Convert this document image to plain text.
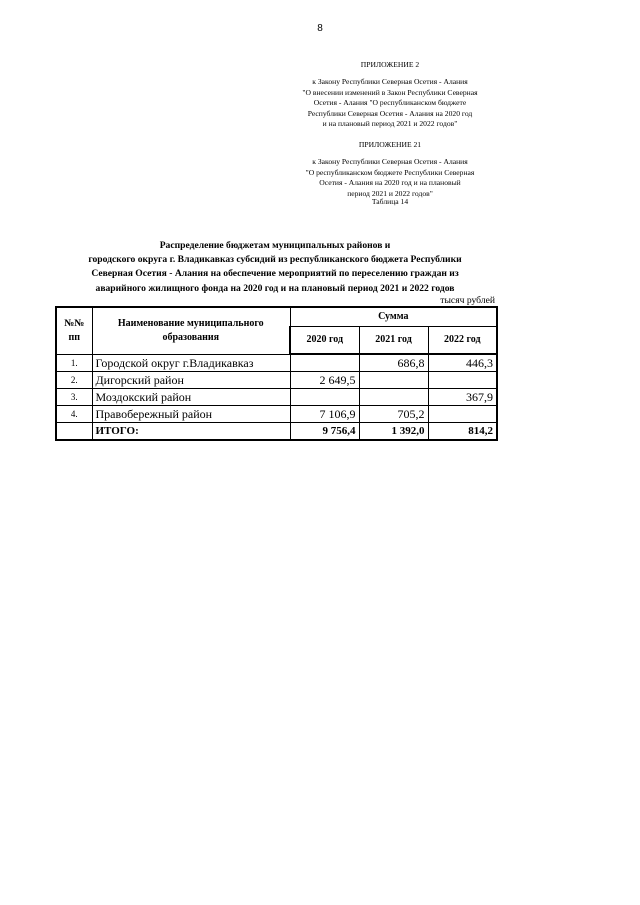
8
ПРИЛОЖЕНИЕ 2
к Закону Республики Северная Осетия - Алания
"О внесении изменений в Закон Республики Северная
Осетия - Алания "О республиканском бюджете
Республики Северная Осетия - Алания на 2020 год
и на плановый период 2021 и 2022 годов"
ПРИЛОЖЕНИЕ 21
к Закону Республики Северная Осетия - Алания
"О республиканском бюджете Республики Северная
Осетия - Алания на 2020 год и на плановый
период 2021 и 2022 годов"
Таблица 14
Распределение бюджетам муниципальных районов и
городского округа г. Владикавказ субсидий из республиканского бюджета Республики
Северная Осетия - Алания на обеспечение мероприятий по переселению граждан из
аварийного жилищного фонда на 2020 год и на плановый период 2021 и 2022 годов
тысяч рублей
№№ пп	Наименование муниципального образования	Сумма		
		2020 год	2021 год	2022 год
1.	Городской округ г.Владикавказ		686,8	446,3
2.	Дигорский район	2 649,5		
3.	Моздокский район			367,9
4.	Правобережный район	7 106,9	705,2	
	ИТОГО:	9 756,4	1 392,0	814,2
